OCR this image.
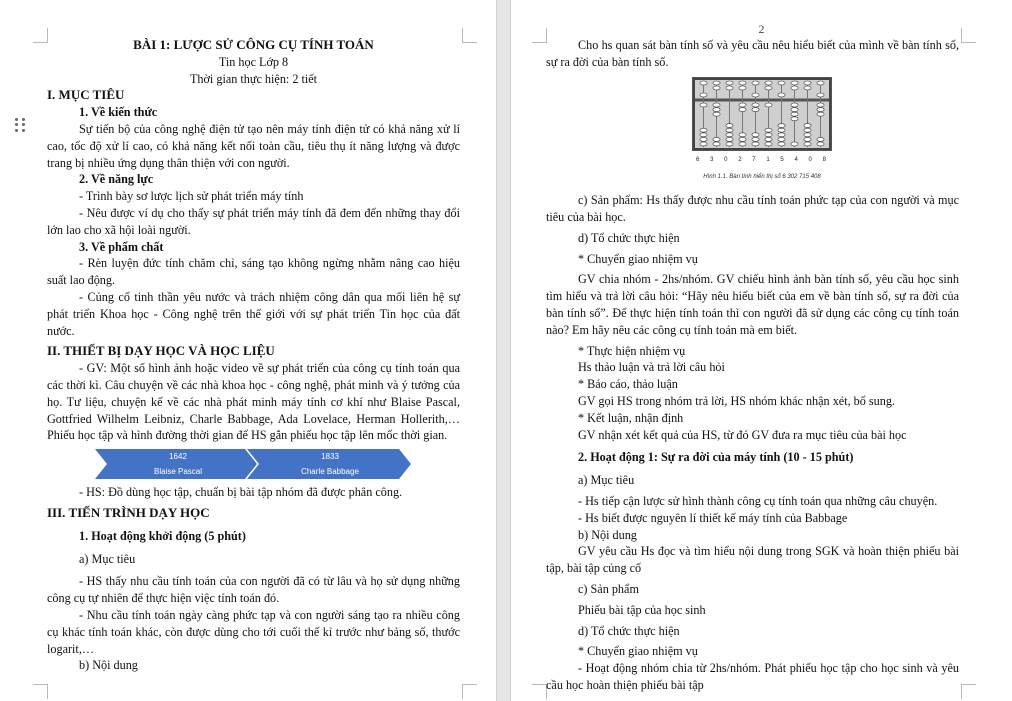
BÀI 1: LƯỢC SỬ CÔNG CỤ TÍNH TOÁN

Tin học Lớp 8

Thời gian thực hiện: 2 tiết

I. MỤC TIÊU

1. Về kiến thức

Sự tiến bộ của công nghệ điện tử tạo nên máy tính điện tử có khả năng xử lí cao, tốc độ xử lí cao, có khả năng kết nối toàn cầu, tiêu thụ ít năng lượng và được trang bị nhiều ứng dụng thân thiện với con người.

2. Về năng lực

- Trình bày sơ lược lịch sử phát triển máy tính

- Nêu được ví dụ cho thấy sự phát triển máy tính đã đem đến những thay đổi lớn lao cho xã hội loài người.

3. Về phẩm chất

- Rèn luyện đức tính chăm chỉ, sáng tạo không ngừng nhằm nâng cao hiệu suất lao động.

- Củng cố tinh thần yêu nước và trách nhiệm công dân qua mối liên hệ sự phát triển Khoa học - Công nghệ trên thế giới với sự phát triển Tin học của đất nước.

II. THIẾT BỊ DẠY HỌC VÀ HỌC LIỆU

- GV: Một số hình ảnh hoặc video về sự phát triển của công cụ tính toán qua các thời kì. Câu chuyện về các nhà khoa học - công nghệ, phát minh và ý tưởng của họ. Tư liệu, chuyện kể về các nhà phát minh máy tính cơ khí như Blaise Pascal, Gottfried Wilhelm Leibniz, Charle Babbage, Ada Lovelace, Herman Hollerith,… Phiếu học tập và hình đường thời gian để HS gắn phiếu học tập lên mốc thời gian.

1642
Blaise Pascal
1833
Charle Babbage

- HS: Đồ dùng học tập, chuẩn bị bài tập nhóm đã được phân công.

III. TIẾN TRÌNH DẠY HỌC

1. Hoạt động khởi động (5 phút)

a) Mục tiêu

- HS thấy nhu cầu tính toán của con người đã có từ lâu và họ sử dụng những công cụ tự nhiên để thực hiện việc tính toán đó.

- Nhu cầu tính toán ngày càng phức tạp và con người sáng tạo ra nhiều công cụ khác tính toán khác, còn được dùng cho tới cuối thế kỉ trước như bảng số, thước logarit,…

b) Nội dung

2

Cho hs quan sát bàn tính số và yêu cầu nêu hiểu biết của mình về bàn tính số, sự ra đời của bàn tính số.

6 3 0 2 7 1 5 4 0 8
Hình 1.1. Bàn tính hiển thị số 6 302 715 408

c) Sản phẩm: Hs thấy được nhu cầu tính toán phức tạp của con người và mục tiêu của bài học.

d) Tổ chức thực hiện

* Chuyển giao nhiệm vụ

GV chia nhóm - 2hs/nhóm. GV chiếu hình ảnh bàn tính số, yêu cầu học sinh tìm hiểu và trả lời câu hỏi: “Hãy nêu hiểu biết của em về bàn tính số, sự ra đời của bàn tính số”. Để thực hiện tính toán thì con người đã sử dụng các công cụ tính toán nào? Em hãy nêu các công cụ tính toán mà em biết.

* Thực hiện nhiệm vụ

Hs thảo luận và trả lời câu hỏi

* Báo cáo, thảo luận

GV gọi HS trong nhóm trả lời, HS nhóm khác nhận xét, bổ sung.

* Kết luận, nhận định

GV nhận xét kết quả của HS, từ đó GV đưa ra mục tiêu của bài học

2. Hoạt động 1: Sự ra đời của máy tính (10 - 15 phút)

a) Mục tiêu

- Hs tiếp cận lược sử hình thành công cụ tính toán qua những câu chuyện.

- Hs biết được nguyên lí thiết kế máy tính của Babbage

b) Nội dung

GV yêu cầu Hs đọc và tìm hiểu nội dung trong SGK và hoàn thiện phiếu bài tập, bài tập củng cố

c) Sản phẩm

Phiếu bài tập của học sinh

d) Tổ chức thực hiện

* Chuyển giao nhiệm vụ

- Hoạt động nhóm chia từ 2hs/nhóm. Phát phiếu học tập cho học sinh và yêu cầu học hoàn thiện phiếu bài tập
